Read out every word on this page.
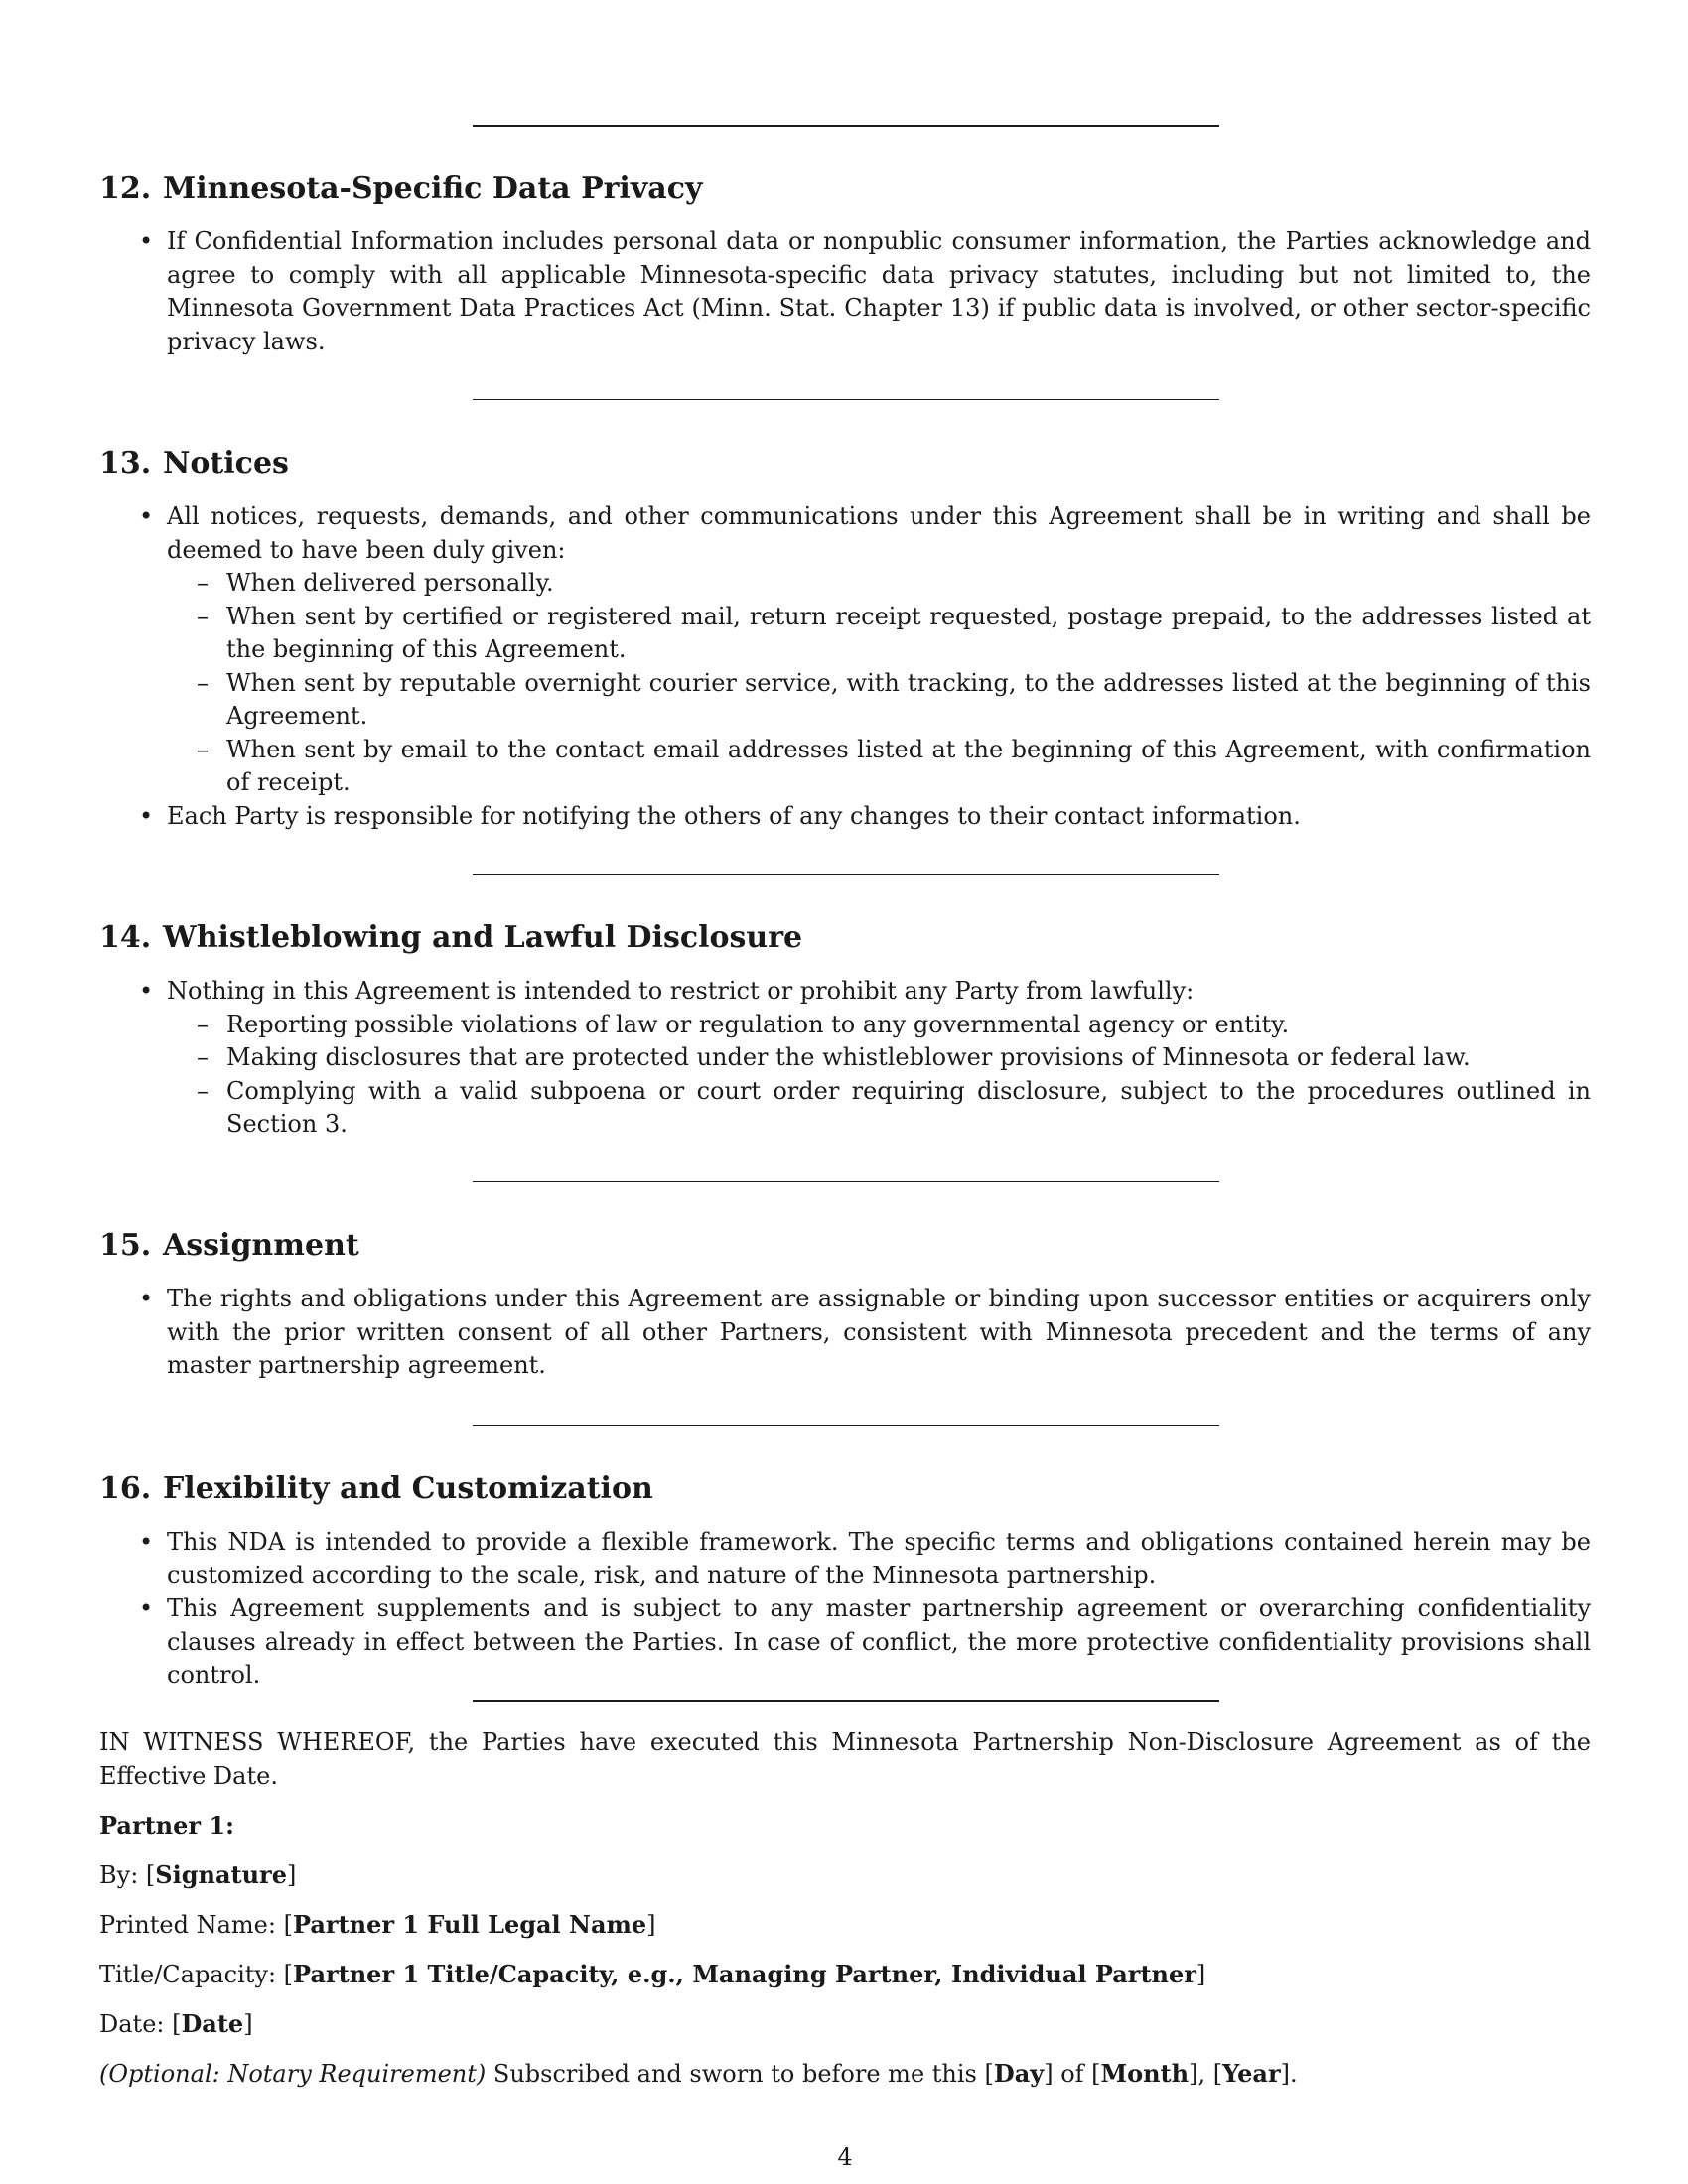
12. Minnesota-Specific Data Privacy
• If Confidential Information includes personal data or nonpublic consumer information, the Parties acknowledge and agree to comply with all applicable Minnesota-specific data privacy statutes, including but not limited to, the Minnesota Government Data Practices Act (Minn. Stat. Chapter 13) if public data is involved, or other sector-specific privacy laws.
13. Notices
• All notices, requests, demands, and other communications under this Agreement shall be in writing and shall be deemed to have been duly given:
– When delivered personally.
– When sent by certified or registered mail, return receipt requested, postage prepaid, to the addresses listed at the beginning of this Agreement.
– When sent by reputable overnight courier service, with tracking, to the addresses listed at the beginning of this Agreement.
– When sent by email to the contact email addresses listed at the beginning of this Agreement, with confirmation of receipt.
• Each Party is responsible for notifying the others of any changes to their contact information.
14. Whistleblowing and Lawful Disclosure
• Nothing in this Agreement is intended to restrict or prohibit any Party from lawfully:
– Reporting possible violations of law or regulation to any governmental agency or entity.
– Making disclosures that are protected under the whistleblower provisions of Minnesota or federal law.
– Complying with a valid subpoena or court order requiring disclosure, subject to the procedures outlined in Section 3.
15. Assignment
• The rights and obligations under this Agreement are assignable or binding upon successor entities or acquirers only with the prior written consent of all other Partners, consistent with Minnesota precedent and the terms of any master partnership agreement.
16. Flexibility and Customization
• This NDA is intended to provide a flexible framework. The specific terms and obligations contained herein may be customized according to the scale, risk, and nature of the Minnesota partnership.
• This Agreement supplements and is subject to any master partnership agreement or overarching confidentiality clauses already in effect between the Parties. In case of conflict, the more protective confidentiality provisions shall control.

IN WITNESS WHEREOF, the Parties have executed this Minnesota Partnership Non-Disclosure Agreement as of the Effective Date.

Partner 1:

By: [Signature]

Printed Name: [Partner 1 Full Legal Name]

Title/Capacity: [Partner 1 Title/Capacity, e.g., Managing Partner, Individual Partner]

Date: [Date]

(Optional: Notary Requirement) Subscribed and sworn to before me this [Day] of [Month], [Year].

4
